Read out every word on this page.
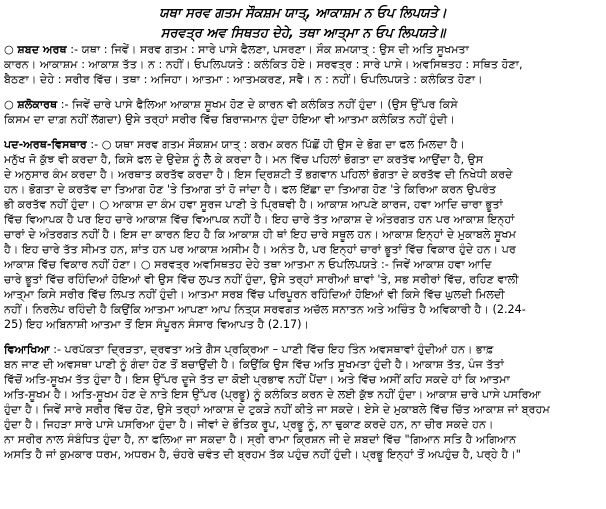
ਯਥਾ ਸਰਵ ਗਤਮ ਸੌਕਸ਼ਮ ਯਾਤ੍, ਆਕਾਸ਼ਮ ਨ ਓਪ ਲਿਪਯਤੇ।
ਸਰਵਤ੍ਰ ਅਵ ਸਿਥਤਹ ਦੇਹੇ, ਤਥਾ ਆਤ੍ਮਾ ਨ ਓਪ ਲਿਪਯਤੇ॥
○ ਸ਼ਬਦ ਅਰਥ :- ਯਥਾ : ਜਿਵੇਂ। ਸਰਵ ਗਤਮ : ਸਾਰੇ ਪਾਸੇ ਫੈਲਣਾ, ਪਸਰਣਾ। ਸੌਕ ਸ਼ਮਯਾਤ੍ : ਉਸ ਦੀ ਅਤਿ ਸੂਖਮਤਾ
ਕਾਰਨ। ਆਕਾਸ਼ਮ : ਆਕਾਸ਼ ਤੱਤ। ਨ : ਨਹੀਂ। ਓਪਲਿਪਯਤੇ : ਕਲੰਕਿਤ ਹੋਏ। ਸਰਵਤ੍ਰ : ਸਾਰੇ ਪਾਸੇ। ਅਵਸਿਥਤਹ : ਸਥਿਤ ਹੋਣਾ,
ਬੈਠਣਾ। ਦੇਹੇ : ਸਰੀਰ ਵਿੱਚ। ਤਥਾ : ਅਜਿਹਾ। ਆਤਮਾ : ਆਤਮਕਰਣ, ਸਵੈ। ਨ : ਨਹੀਂ। ਓਪਲਿਪਯਤੇ : ਕਲੰਕਿਤ ਹੋਣਾ।
○ ਸ਼ਲੋਕਾਰਥ :- ਜਿਵੇਂ ਚਾਰੇ ਪਾਸੇ ਫੈਲਿਆ ਆਕਾਸ਼ ਸੂਖਮ ਹੋਣ ਦੇ ਕਾਰਨ ਵੀ ਕਲੰਕਿਤ ਨਹੀਂ ਹੁੰਦਾ। (ਉਸ ਉੱਪਰ ਕਿਸੇ
ਕਿਸਮ ਦਾ ਦਾਗ਼ ਨਹੀਂ ਲੱਗਦਾ) ਉਸੇ ਤਰ੍ਹਾਂ ਸਰੀਰ ਵਿੱਚ ਬਿਰਾਜਮਾਨ ਹੁੰਦਾ ਹੋਇਆ ਵੀ ਆਤਮਾ ਕਲੰਕਿਤ ਨਹੀਂ ਹੁੰਦੀ।
ਪਦ-ਅਰਥ-ਵਿਸਥਾਰ :- ○ ਯਥਾ ਸਰਵ ਗਤਮ ਸੌਕਸ਼ਮ ਯਾਤ੍ : ਕਰਮ ਕਰਨ ਪਿੱਛੋਂ ਹੀ ਉਸ ਦੇ ਭੋਗ ਦਾ ਫਲ ਮਿਲਦਾ ਹੈ।
ਮਨੁੱਖ ਜੋ ਕੁੱਝ ਵੀ ਕਰਦਾ ਹੈ, ਕਿਸੇ ਫਲ ਦੇ ਉਦੇਸ਼ ਨੂੰ ਲੈ ਕੇ ਕਰਦਾ ਹੈ। ਮਨ ਵਿੱਚ ਪਹਿਲਾਂ ਭੋਗਤਾ ਦਾ ਕਰਤੱਵ ਆਉਂਦਾ ਹੈ, ਉਸ
ਦੇ ਅਨੁਸਾਰ ਕੰਮ ਕਰਦਾ ਹੈ। ਅਰਥਾਤ ਕਰਤੱਵ ਕਰਦਾ ਹੈ। ਇਸ ਦ੍ਰਿਸ਼ਟੀ ਤੋਂ ਭਗਵਾਨ ਪਹਿਲਾਂ ਭੋਗਤਾ ਦੇ ਕਰਤੱਵ ਦੀ ਨਿਖੇਧੀ ਕਰਦੇ
ਹਨ। ਭੋਗਤਾ ਦੇ ਕਰਤੱਵ ਦਾ ਤਿਆਗ ਹੋਣ 'ਤੇ ਤਿਆਗ ਤਾਂ ਹੋ ਜਾਂਦਾ ਹੈ। ਫਲ ਇੱਛਾ ਦਾ ਤਿਆਗ ਹੋਣ 'ਤੇ ਕਿਰਿਆ ਕਰਨ ਉਪਰੰਤ
ਭੀ ਕਰਤੱਵ ਨਹੀਂ ਹੁੰਦਾ। ○ ਆਕਾਸ਼ ਦਾ ਕੰਮ ਹਵਾ ਸੂਰਜ ਪਾਣੀ ਤੇ ਪ੍ਰਿਥਵੀ ਹੈ। ਆਕਾਸ਼ ਆਪਣੇ ਕਾਰਜ, ਹਵਾ ਆਦਿ ਚਾਰਾ ਭੂਤਾਂ
ਵਿੱਚ ਵਿਆਪਕ ਹੈ ਪਰ ਇਹ ਚਾਰੇ ਆਕਾਸ਼ ਵਿੱਚ ਵਿਆਪਕ ਨਹੀਂ ਹੈ। ਇਹ ਚਾਰੇ ਤੱਤ ਆਕਾਸ਼ ਦੇ ਅੰਤਰਗਤ ਹਨ ਪਰ ਆਕਾਸ਼ ਇਨ੍ਹਾਂ
ਚਾਰਾਂ ਦੇ ਅੰਤਰਗਤ ਨਹੀਂ ਹੈ। ਇਸ ਦਾ ਕਾਰਨ ਇਹ ਹੈ ਕਿ ਆਕਾਸ਼ ਹੀ ਥਾਂ ਇਹ ਚਾਰੇ ਸਥੂਲ ਹਨ। ਆਕਾਸ਼ ਇਨ੍ਹਾਂ ਦੇ ਮੁਕਾਬਲੇ ਸੂਖਮ
ਹੈ। ਇਹ ਚਾਰੇ ਤੱਤ ਸੀਮਤ ਹਨ, ਸ਼ਾਂਤ ਹਨ ਪਰ ਆਕਾਸ਼ ਅਸੀਮ ਹੈ। ਅਨੰਤ ਹੈ, ਪਰ ਇਨ੍ਹਾਂ ਚਾਰਾਂ ਭੂਤਾਂ ਵਿੱਚ ਵਿਕਾਰ ਹੁੰਦੇ ਹਨ। ਪਰ
ਆਕਾਸ਼ ਵਿੱਚ ਵਿਕਾਰ ਨਹੀਂ ਹੋਣਾ। ○ ਸਰਵਤ੍ਰ ਅਵਸਿਥਤਹ ਦੇਹੇ ਤਥਾ ਆਤਮਾ ਨ ਓਪਲਿਪਯਤੇ :- ਜਿਵੇਂ ਆਕਾਸ਼ ਹਵਾ ਆਦਿ
ਚਾਰੇ ਭੂਤਾਂ ਵਿੱਚ ਰਹਿੰਦਿਆਂ ਹੋਇਆਂ ਵੀ ਉਸ ਵਿੱਚ ਲੁਪਤ ਨਹੀਂ ਹੁੰਦਾ, ਉਸੇ ਤਰ੍ਹਾਂ ਸਾਰੀਆਂ ਥਾਵਾਂ 'ਤੇ, ਸਭ ਸਰੀਰਾਂ ਵਿੱਚ, ਰਹਿਣ ਵਾਲੀ
ਆਤ੍ਮਾ ਕਿਸੇ ਸਰੀਰ ਵਿੱਚ ਲਿਪਤ ਨਹੀਂ ਹੁੰਦੀ। ਆਤਮਾ ਸਰਬ ਵਿੱਚ ਪਰਿਪੂਰਨ ਰਹਿੰਦਿਆਂ ਹੋਇਆਂ ਵੀ ਕਿਸੇ ਵਿੱਚ ਘੁਲਦੀ ਮਿਲਦੀ
ਨਹੀਂ। ਨਿਰਲੇਪ ਰਹਿੰਦੀ ਹੈ ਕਿਉਂਕਿ ਆਤਮਾ ਆਪਣਾ ਆਪ ਨਿਤ੍ਯ ਸਰਵਗਤ ਅਚੱਲ ਸਨਾਤਨ ਅਤੇ ਅਚਿੰਤ ਹੈ ਅਵਿਕਾਰੀ ਹੈ। (2.24-
25) ਇਹ ਅਬਿਨਾਸ਼ੀ ਆਤਮਾ ਤੋਂ ਇਸ ਸੰਪੂਰਨ ਸੰਸਾਰ ਵਿਆਪਤ ਹੈ (2.17)।
ਵਿਆਖਿਆ :- ਪਰਪੱਕਤਾ ਦ੍ਰਿੜਤਾ, ਦ੍ਰਵਤਾ ਅਤੇ ਗੈਸ ਪ੍ਰਕ੍ਰਿਆ – ਪਾਣੀ ਵਿੱਚ ਇਹ ਤਿੰਨ ਅਵਸਥਾਵਾਂ ਹੁੰਦੀਆਂ ਹਨ। ਭਾਫ਼
ਬਨ ਜਾਣ ਦੀ ਅਵਸਥਾ ਪਾਣੀ ਨੂੰ ਗੰਦਾ ਹੋਣ ਤੋਂ ਬਚਾਉਂਦੀ ਹੈ। ਕਿਉਂਕਿ ਉਸ ਵਿੱਚ ਅਤਿ ਸੂਖਮਤਾ ਹੁੰਦੀ ਹੈ। ਆਕਾਸ਼ ਤੱਤ, ਪੰਜ ਤੱਤਾਂ
ਵਿੱਚੋਂ ਅਤਿ-ਸੂਖਮ ਤੱਤ ਹੁੰਦਾ ਹੈ। ਇਸ ਉੱਪਰ ਦੂਜੇ ਤੱਤ ਦਾ ਕੋਈ ਪ੍ਰਭਾਵ ਨਹੀਂ ਪੈਂਦਾ। ਅਤੇ ਵਿੱਚ ਅਸੀਂ ਕਹਿ ਸਕਦੇ ਹਾਂ ਕਿ ਆਤਮਾ
ਅਤਿ-ਸੂਖਮ ਹੈ। ਅਤਿ-ਸੂਖਮ ਹੋਣ ਦੇ ਨਾਤੇ ਇਸ ਉੱਪਰ (ਪ੍ਰਭੂ) ਨੂੰ ਕਲੰਕਿਤ ਕਰਨ ਦੇ ਲਈ ਕੁੱਝ ਨਹੀਂ ਹੁੰਦਾ। ਆਕਾਸ਼ ਚਾਰੇ ਪਾਸੇ ਪਸਰਿਆ
ਹੁੰਦਾ ਹੈ। ਜਿਵੇਂ ਸਾਰੇ ਸਰੀਰ ਵਿੱਚ ਹੋਣ, ਉਸੇ ਤਰ੍ਹਾਂ ਆਕਾਸ਼ ਦੇ ਟੁਕੜੇ ਨਹੀਂ ਕੀਤੇ ਜਾ ਸਕਦੇ। ਏਸੇ ਦੇ ਮੁਕਾਬਲੇ ਵਿੱਚ ਚਿੱਤ ਆਕਾਸ਼ ਜਾਂ ਬ੍ਰਹਮ
ਹੁੰਦਾ ਹੈ। ਜਿਹੜਾ ਸਾਰੇ ਪਾਸੇ ਪਸਰਿਆ ਹੁੰਦਾ ਹੈ। ਜੀਵਾਂ ਦੇ ਭੌਤਿਕ ਰੂਪ, ਪ੍ਰਭੂ ਨੂੰ, ਨਾ ਢੁਕਾਣ ਕਰਦੇ ਹਨ, ਨਾ ਚੀਰ ਸਕਦੇ ਹਨ।
ਨਾ ਸਰੀਰ ਨਾਲ ਸੰਬੰਧਿਤ ਹੁੰਦਾ ਹੈ, ਨਾ ਫਲਿਆ ਜਾ ਸਕਦਾ ਹੈ। ਸ੍ਰੀ ਰਾਮਾ ਕ੍ਰਿਸ਼ਨ ਜੀ ਦੇ ਸ਼ਬਦਾਂ ਵਿੱਚ "ਗਿਆਨ ਸਤਿ ਹੈ ਅਗਿਆਨ
ਅਸਤਿ ਹੈ ਜਾਂ ਕੁਮਕਾਰ ਧਰਮ, ਅਧਰਮ ਹੈ, ਚੰਹਰੇ ਚਵੰਤ ਦੀ ਬ੍ਰਹਮ ਤੱਕ ਪਹੁੰਚ ਨਹੀਂ ਹੁੰਦੀ। ਪ੍ਰਭੂ ਇਨ੍ਹਾਂ ਤੋਂ ਅਪਹੁੰਚ ਹੈ, ਪਰ੍ਹੇ ਹੈ।"
